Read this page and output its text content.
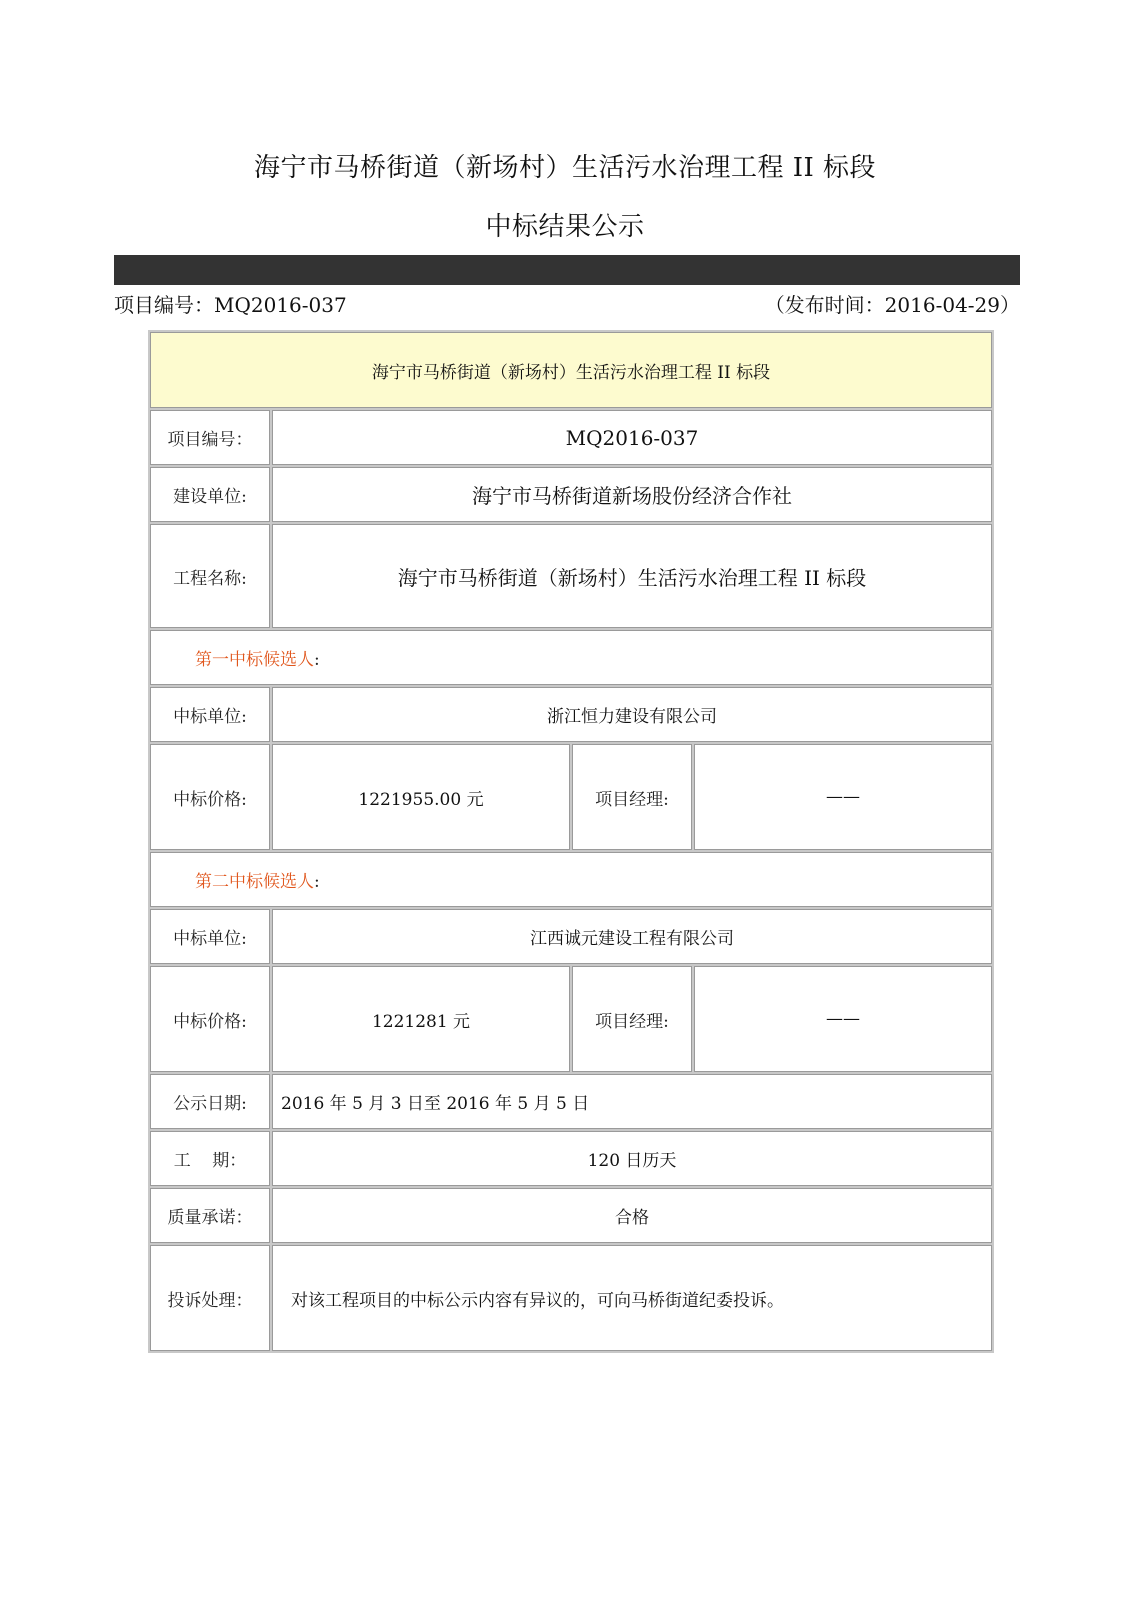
海宁市马桥街道（新场村）生活污水治理工程 II 标段
中标结果公示
项目编号：MQ2016-037	（发布时间：2016-04-29）
海宁市马桥街道（新场村）生活污水治理工程 II 标段			
项目编号：	MQ2016-037		
建设单位:	海宁市马桥街道新场股份经济合作社		
工程名称:	海宁市马桥街道（新场村）生活污水治理工程 II 标段		
第一中标候选人:			
中标单位:	浙江恒力建设有限公司		
中标价格:	1221955.00 元	项目经理:	——
第二中标候选人:			
中标单位:	江西诚元建设工程有限公司		
中标价格:	1221281 元	项目经理:	——
公示日期:	2016 年 5 月 3 日至 2016 年 5 月 5 日		
工    期：	120 日历天		
质量承诺：	合格		
投诉处理：	对该工程项目的中标公示内容有异议的，可向马桥街道纪委投诉。		
